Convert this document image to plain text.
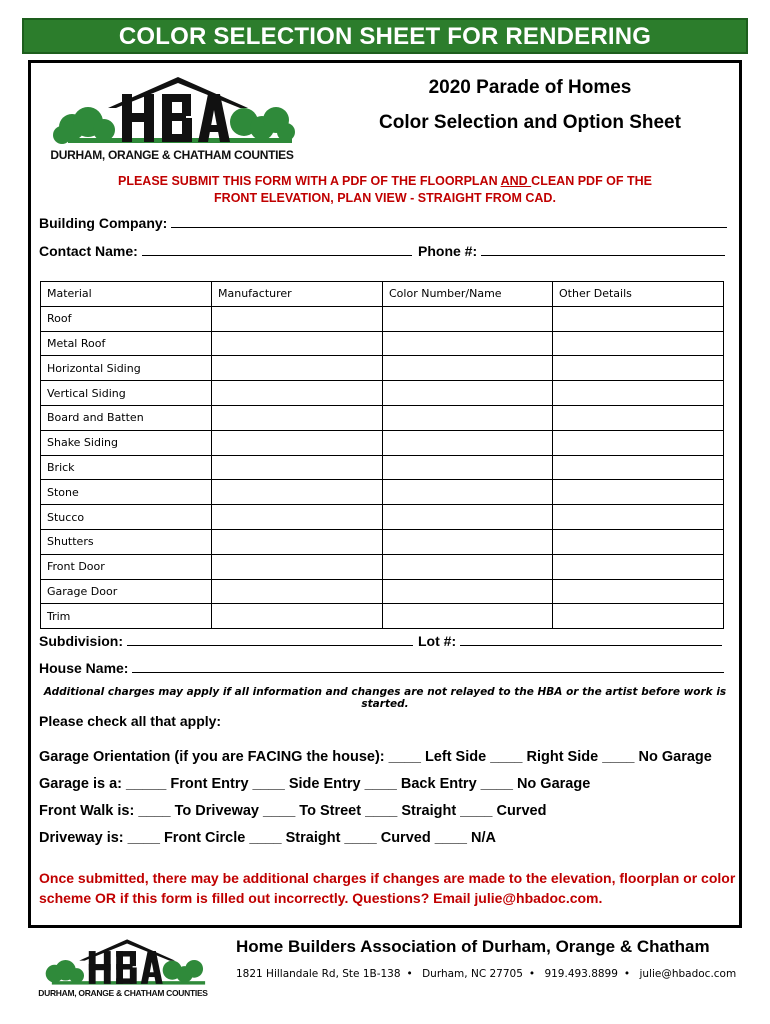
COLOR SELECTION SHEET FOR RENDERING
DURHAM, ORANGE & CHATHAM COUNTIES
2020 Parade of Homes
Color Selection and Option Sheet
PLEASE SUBMIT THIS FORM WITH A PDF OF THE FLOORPLAN AND CLEAN PDF OF THE
FRONT ELEVATION, PLAN VIEW - STRAIGHT FROM CAD.
Building Company:
Contact Name:	Phone #:
Material	Manufacturer	Color Number/Name	Other Details
Roof			
Metal Roof			
Horizontal Siding			
Vertical Siding			
Board and Batten			
Shake Siding			
Brick			
Stone			
Stucco			
Shutters			
Front Door			
Garage Door			
Trim			
Subdivision:	Lot #:
House Name:
Additional charges may apply if all information and changes are not relayed to the HBA or the artist before work is started.
Please check all that apply:
Garage Orientation (if you are FACING the house): ____ Left Side ____ Right Side ____ No Garage
Garage is a: _____ Front Entry ____ Side Entry ____ Back Entry ____ No Garage
Front Walk is: ____ To Driveway ____ To Street ____ Straight ____ Curved
Driveway is: ____ Front Circle ____ Straight ____ Curved ____ N/A
Once submitted, there may be additional charges if changes are made to the elevation, floorplan or color scheme OR if this form is filled out incorrectly. Questions? Email julie@hbadoc.com.
DURHAM, ORANGE & CHATHAM COUNTIES
Home Builders Association of Durham, Orange & Chatham
1821 Hillandale Rd, Ste 1B-138 • Durham, NC 27705 • 919.493.8899 • julie@hbadoc.com
